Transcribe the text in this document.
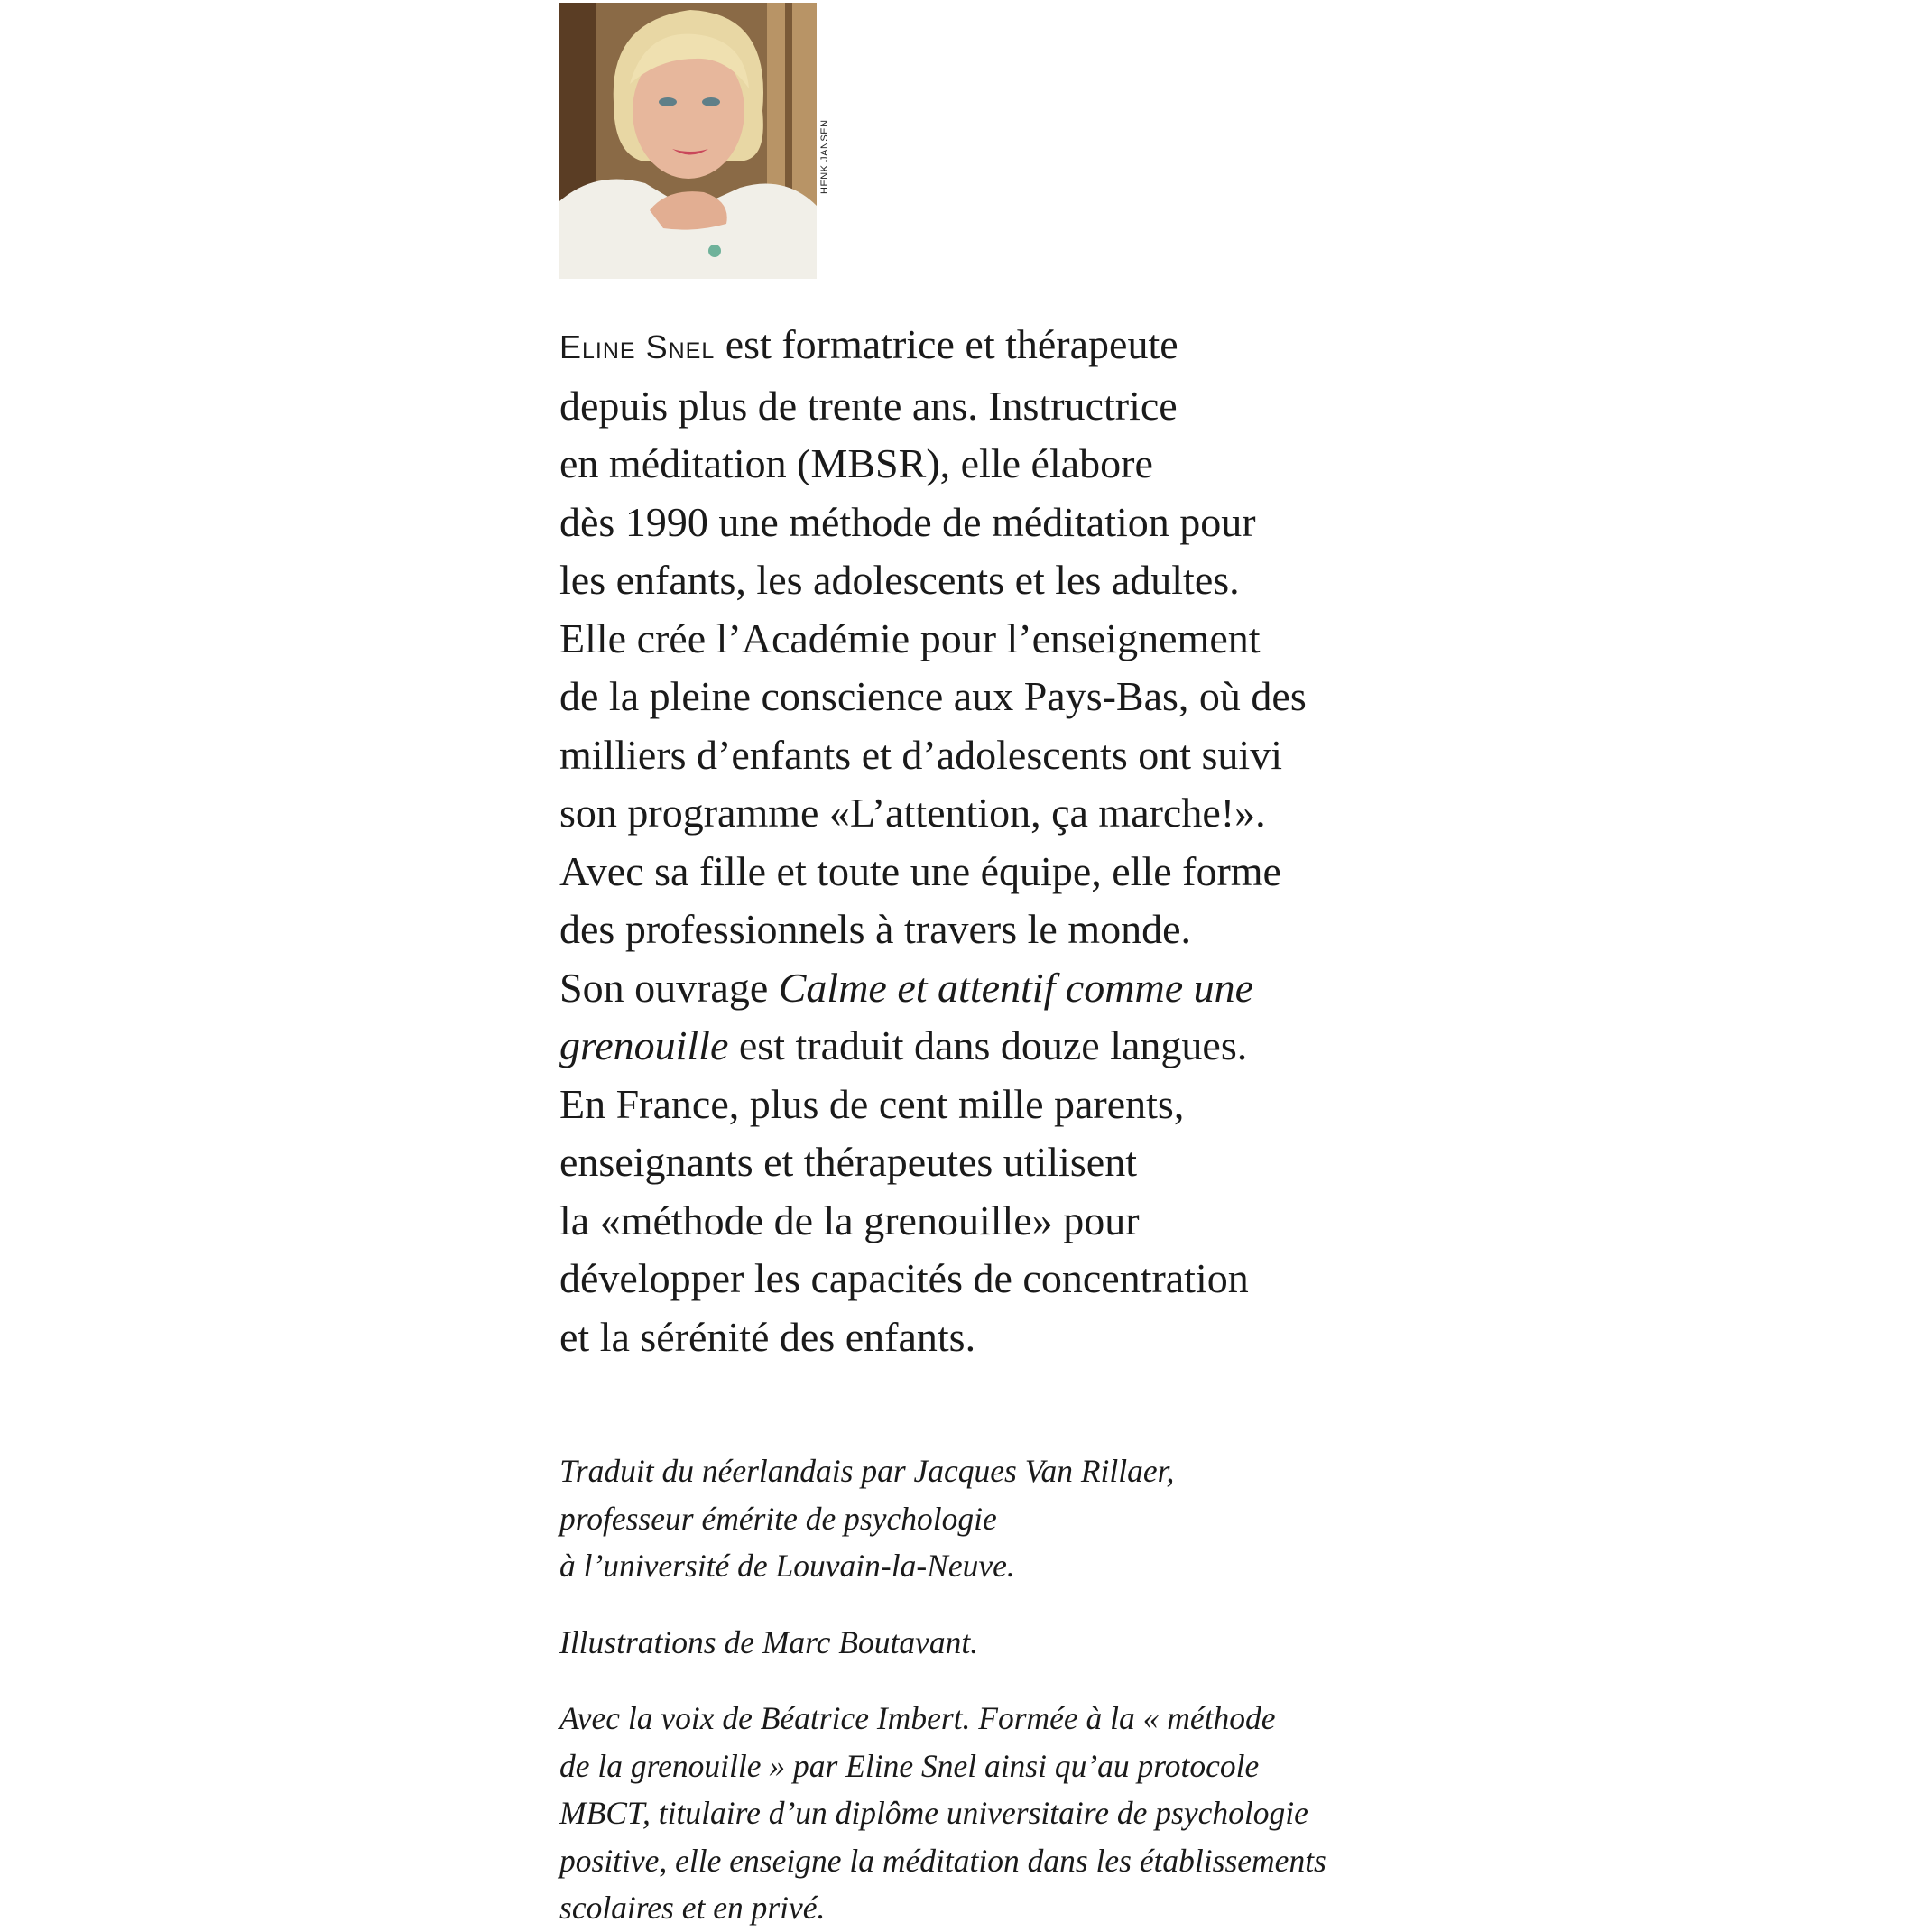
HENK JANSEN
Eline Snel est formatrice et thérapeute
depuis plus de trente ans. Instructrice
en méditation (MBSR), elle élabore
dès 1990 une méthode de méditation pour
les enfants, les adolescents et les adultes.
Elle crée l’Académie pour l’enseignement
de la pleine conscience aux Pays-Bas, où des
milliers d’enfants et d’adolescents ont suivi
son programme «L’attention, ça marche!».
Avec sa fille et toute une équipe, elle forme
des professionnels à travers le monde.
Son ouvrage Calme et attentif comme une
grenouille est traduit dans douze langues.
En France, plus de cent mille parents,
enseignants et thérapeutes utilisent
la «méthode de la grenouille» pour
développer les capacités de concentration
et la sérénité des enfants.

Traduit du néerlandais par Jacques Van Rillaer,
professeur émérite de psychologie
à l’université de Louvain-la-Neuve.

Illustrations de Marc Boutavant.

Avec la voix de Béatrice Imbert. Formée à la « méthode
de la grenouille » par Eline Snel ainsi qu’au protocole
MBCT, titulaire d’un diplôme universitaire de psychologie
positive, elle enseigne la méditation dans les établissements
scolaires et en privé.
